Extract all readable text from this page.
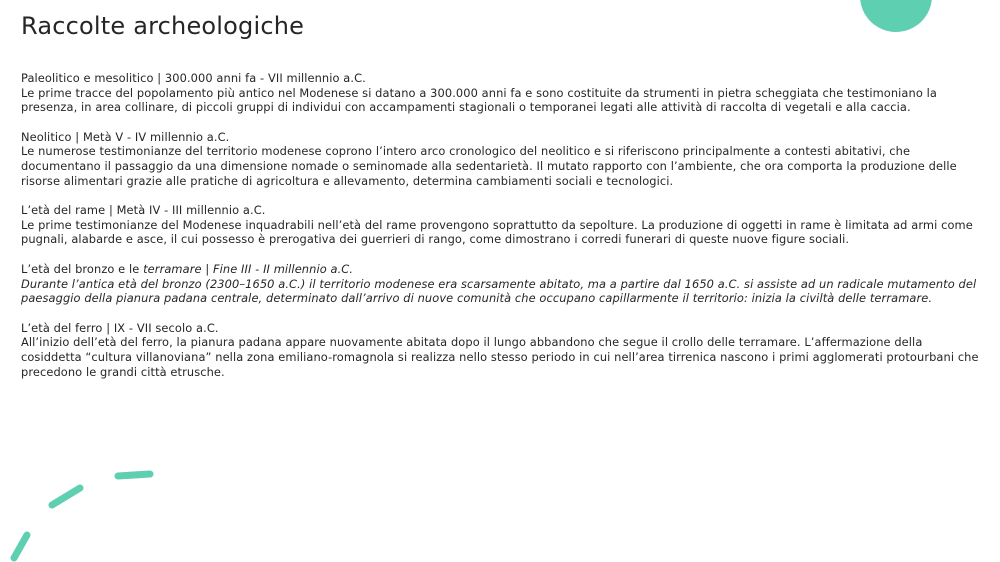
Raccolte archeologiche

Paleolitico e mesolitico | 300.000 anni fa - VII millennio a.C.

Le prime tracce del popolamento più antico nel Modenese si datano a 300.000 anni fa e sono costituite da strumenti in pietra scheggiata che testimoniano la presenza, in area collinare, di piccoli gruppi di individui con accampamenti stagionali o temporanei legati alle attività di raccolta di vegetali e alla caccia.

Neolitico | Metà V - IV millennio a.C.

Le numerose testimonianze del territorio modenese coprono l’intero arco cronologico del neolitico e si riferiscono principalmente a contesti abitativi, che documentano il passaggio da una dimensione nomade o seminomade alla sedentarietà. Il mutato rapporto con l’ambiente, che ora comporta la produzione delle risorse alimentari grazie alle pratiche di agricoltura e allevamento, determina cambiamenti sociali e tecnologici.

L’età del rame | Metà IV - III millennio a.C.

Le prime testimonianze del Modenese inquadrabili nell’età del rame provengono soprattutto da sepolture. La produzione di oggetti in rame è limitata ad armi come pugnali, alabarde e asce, il cui possesso è prerogativa dei guerrieri di rango, come dimostrano i corredi funerari di queste nuove figure sociali.

L’età del bronzo e le terramare | Fine III - II millennio a.C.

Durante l’antica età del bronzo (2300–1650 a.C.) il territorio modenese era scarsamente abitato, ma a partire dal 1650 a.C. si assiste ad un radicale mutamento del paesaggio della pianura padana centrale, determinato dall’arrivo di nuove comunità che occupano capillarmente il territorio: inizia la civiltà delle terramare.

L’età del ferro | IX - VII secolo a.C.

All’inizio dell’età del ferro, la pianura padana appare nuovamente abitata dopo il lungo abbandono che segue il crollo delle terramare. L’affermazione della cosiddetta “cultura villanoviana” nella zona emiliano-romagnola si realizza nello stesso periodo in cui nell’area tirrenica nascono i primi agglomerati protourbani che precedono le grandi città etrusche.
